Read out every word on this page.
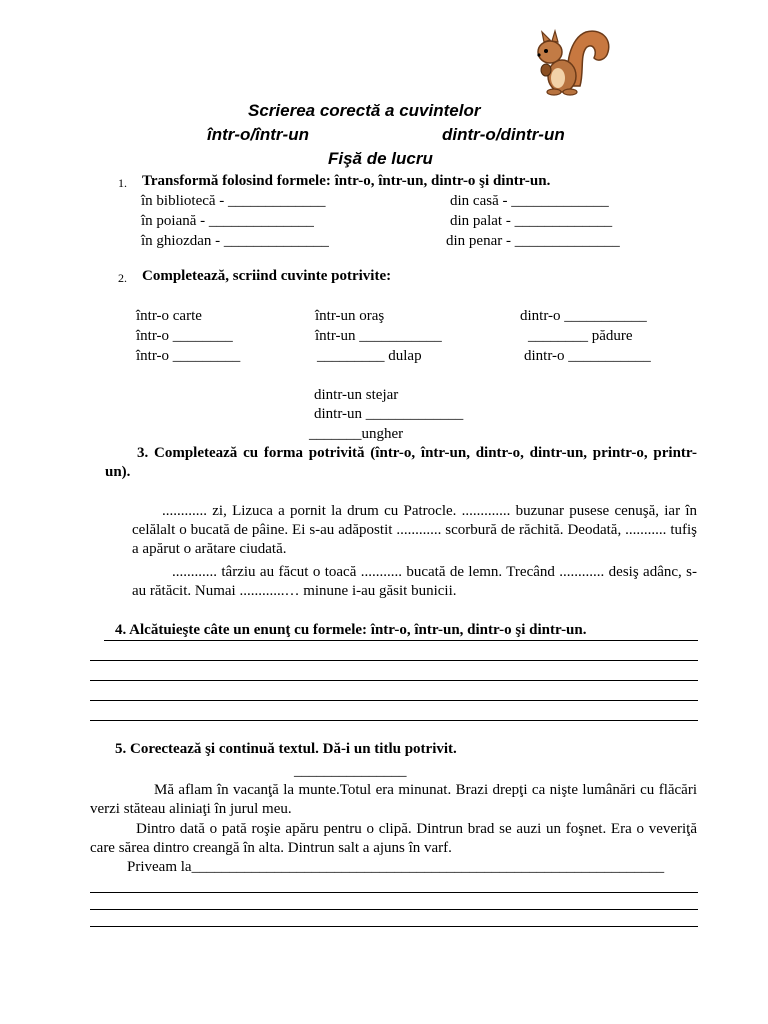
Scrierea corectă a cuvintelor
într-o/într-un	dintr-o/dintr-un
Fişă de lucru
1. Transformă folosind formele: într-o, într-un, dintr-o şi dintr-un.
în bibliotecă - _____________
în poiană - ______________
în ghiozdan - ______________
din casă - _____________
din palat - _____________
din penar - ______________
2. Completează, scriind cuvinte potrivite:
într-o carte
într-o ________
într-o _________
într-un oraş
într-un ___________
_________ dulap
dintr-o ___________
________ pădure
dintr-o ___________
dintr-un stejar
dintr-un _____________
_______ungher
3. Completează cu forma potrivită (într-o, într-un, dintr-o, dintr-un, printr-o, printr-un).
............ zi, Lizuca a pornit la drum cu Patrocle. ............. buzunar pusese cenuşă, iar în celălalt o bucată de pâine. Ei s-au adăpostit ............ scorbură de răchită. Deodată, ........... tufiş a apărut o arătare ciudată.
............ târziu au făcut o toacă ........... bucată de lemn. Trecând ............ desiş adânc, s-au rătăcit. Numai ............… minune i-au găsit bunicii.
4. Alcătuieşte câte un enunţ cu formele: într-o, într-un, dintr-o şi dintr-un.
5. Corectează şi continuă textul. Dă-i un titlu potrivit.
_______________
Mă aflam în vacanţă la munte.Totul era minunat. Brazi drepţi ca nişte lumânări cu flăcări verzi stăteau aliniaţi în jurul meu.
Dintro dată o pată roşie apăru pentru o clipă. Dintrun brad se auzi un foşnet. Era o veveriţă care sărea dintro creangă în alta. Dintrun salt a ajuns în varf.
Priveam la_______________________________________________________________
